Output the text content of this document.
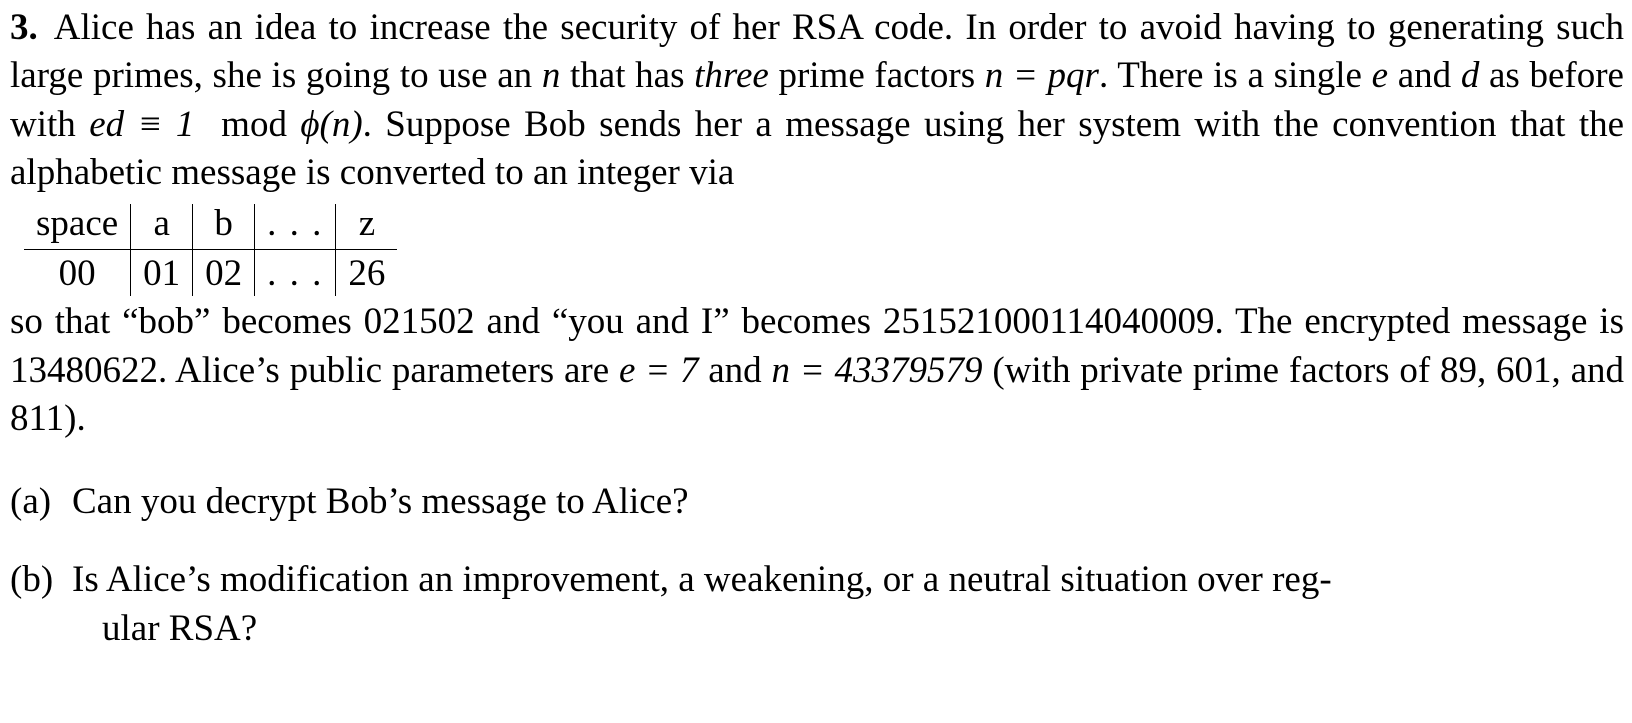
3. Alice has an idea to increase the security of her RSA code. In order to avoid having to generating such large primes, she is going to use an n that has three prime factors n = pqr. There is a single e and d as before with ed ≡ 1 mod ϕ(n). Suppose Bob sends her a message using her system with the convention that the alphabetic message is converted to an integer via
space	a	b	. . .	z
00	01	02	. . .	26
so that “bob” becomes 021502 and “you and I” becomes 251521000114040009. The encrypted message is 13480622. Alice’s public parameters are e = 7 and n = 43379579 (with private prime factors of 89, 601, and 811).
(a) Can you decrypt Bob’s message to Alice?
(b) Is Alice’s modification an improvement, a weakening, or a neutral situation over reg-
ular RSA?
